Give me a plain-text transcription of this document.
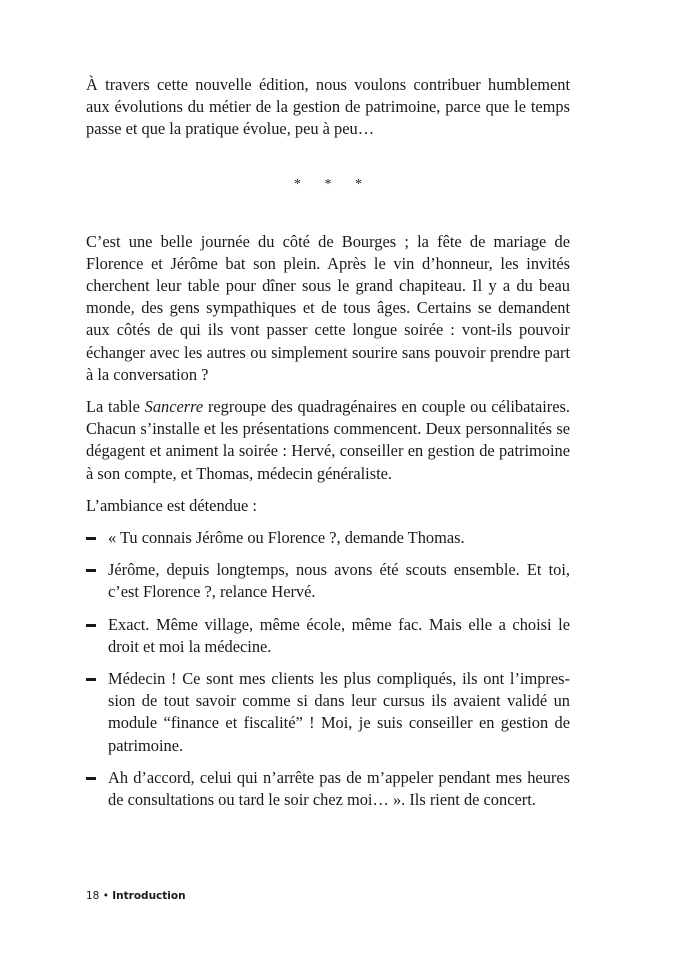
À travers cette nouvelle édition, nous voulons contribuer humblement aux évolutions du métier de la gestion de patrimoine, parce que le temps passe et que la pratique évolue, peu à peu…

* * *

C’est une belle journée du côté de Bourges ; la fête de mariage de Florence et Jérôme bat son plein. Après le vin d’honneur, les invités cherchent leur table pour dîner sous le grand chapiteau. Il y a du beau monde, des gens sympathiques et de tous âges. Certains se demandent aux côtés de qui ils vont passer cette longue soirée : vont-ils pouvoir échanger avec les autres ou simplement sourire sans pouvoir prendre part à la conversation ?

La table Sancerre regroupe des quadragénaires en couple ou célibataires. Chacun s’installe et les présentations commencent. Deux personnalités se dégagent et animent la soirée : Hervé, conseiller en gestion de patrimoine à son compte, et Thomas, médecin généraliste.

L’ambiance est détendue :

« Tu connais Jérôme ou Florence ?, demande Thomas.

Jérôme, depuis longtemps, nous avons été scouts ensemble. Et toi, c’est Florence ?, relance Hervé.

Exact. Même village, même école, même fac. Mais elle a choisi le droit et moi la médecine.

Médecin ! Ce sont mes clients les plus compliqués, ils ont l’impression de tout savoir comme si dans leur cursus ils avaient validé un module “finance et fiscalité” ! Moi, je suis conseiller en gestion de patrimoine.

Ah d’accord, celui qui n’arrête pas de m’appeler pendant mes heures de consultations ou tard le soir chez moi… ». Ils rient de concert.

18 • Introduction
